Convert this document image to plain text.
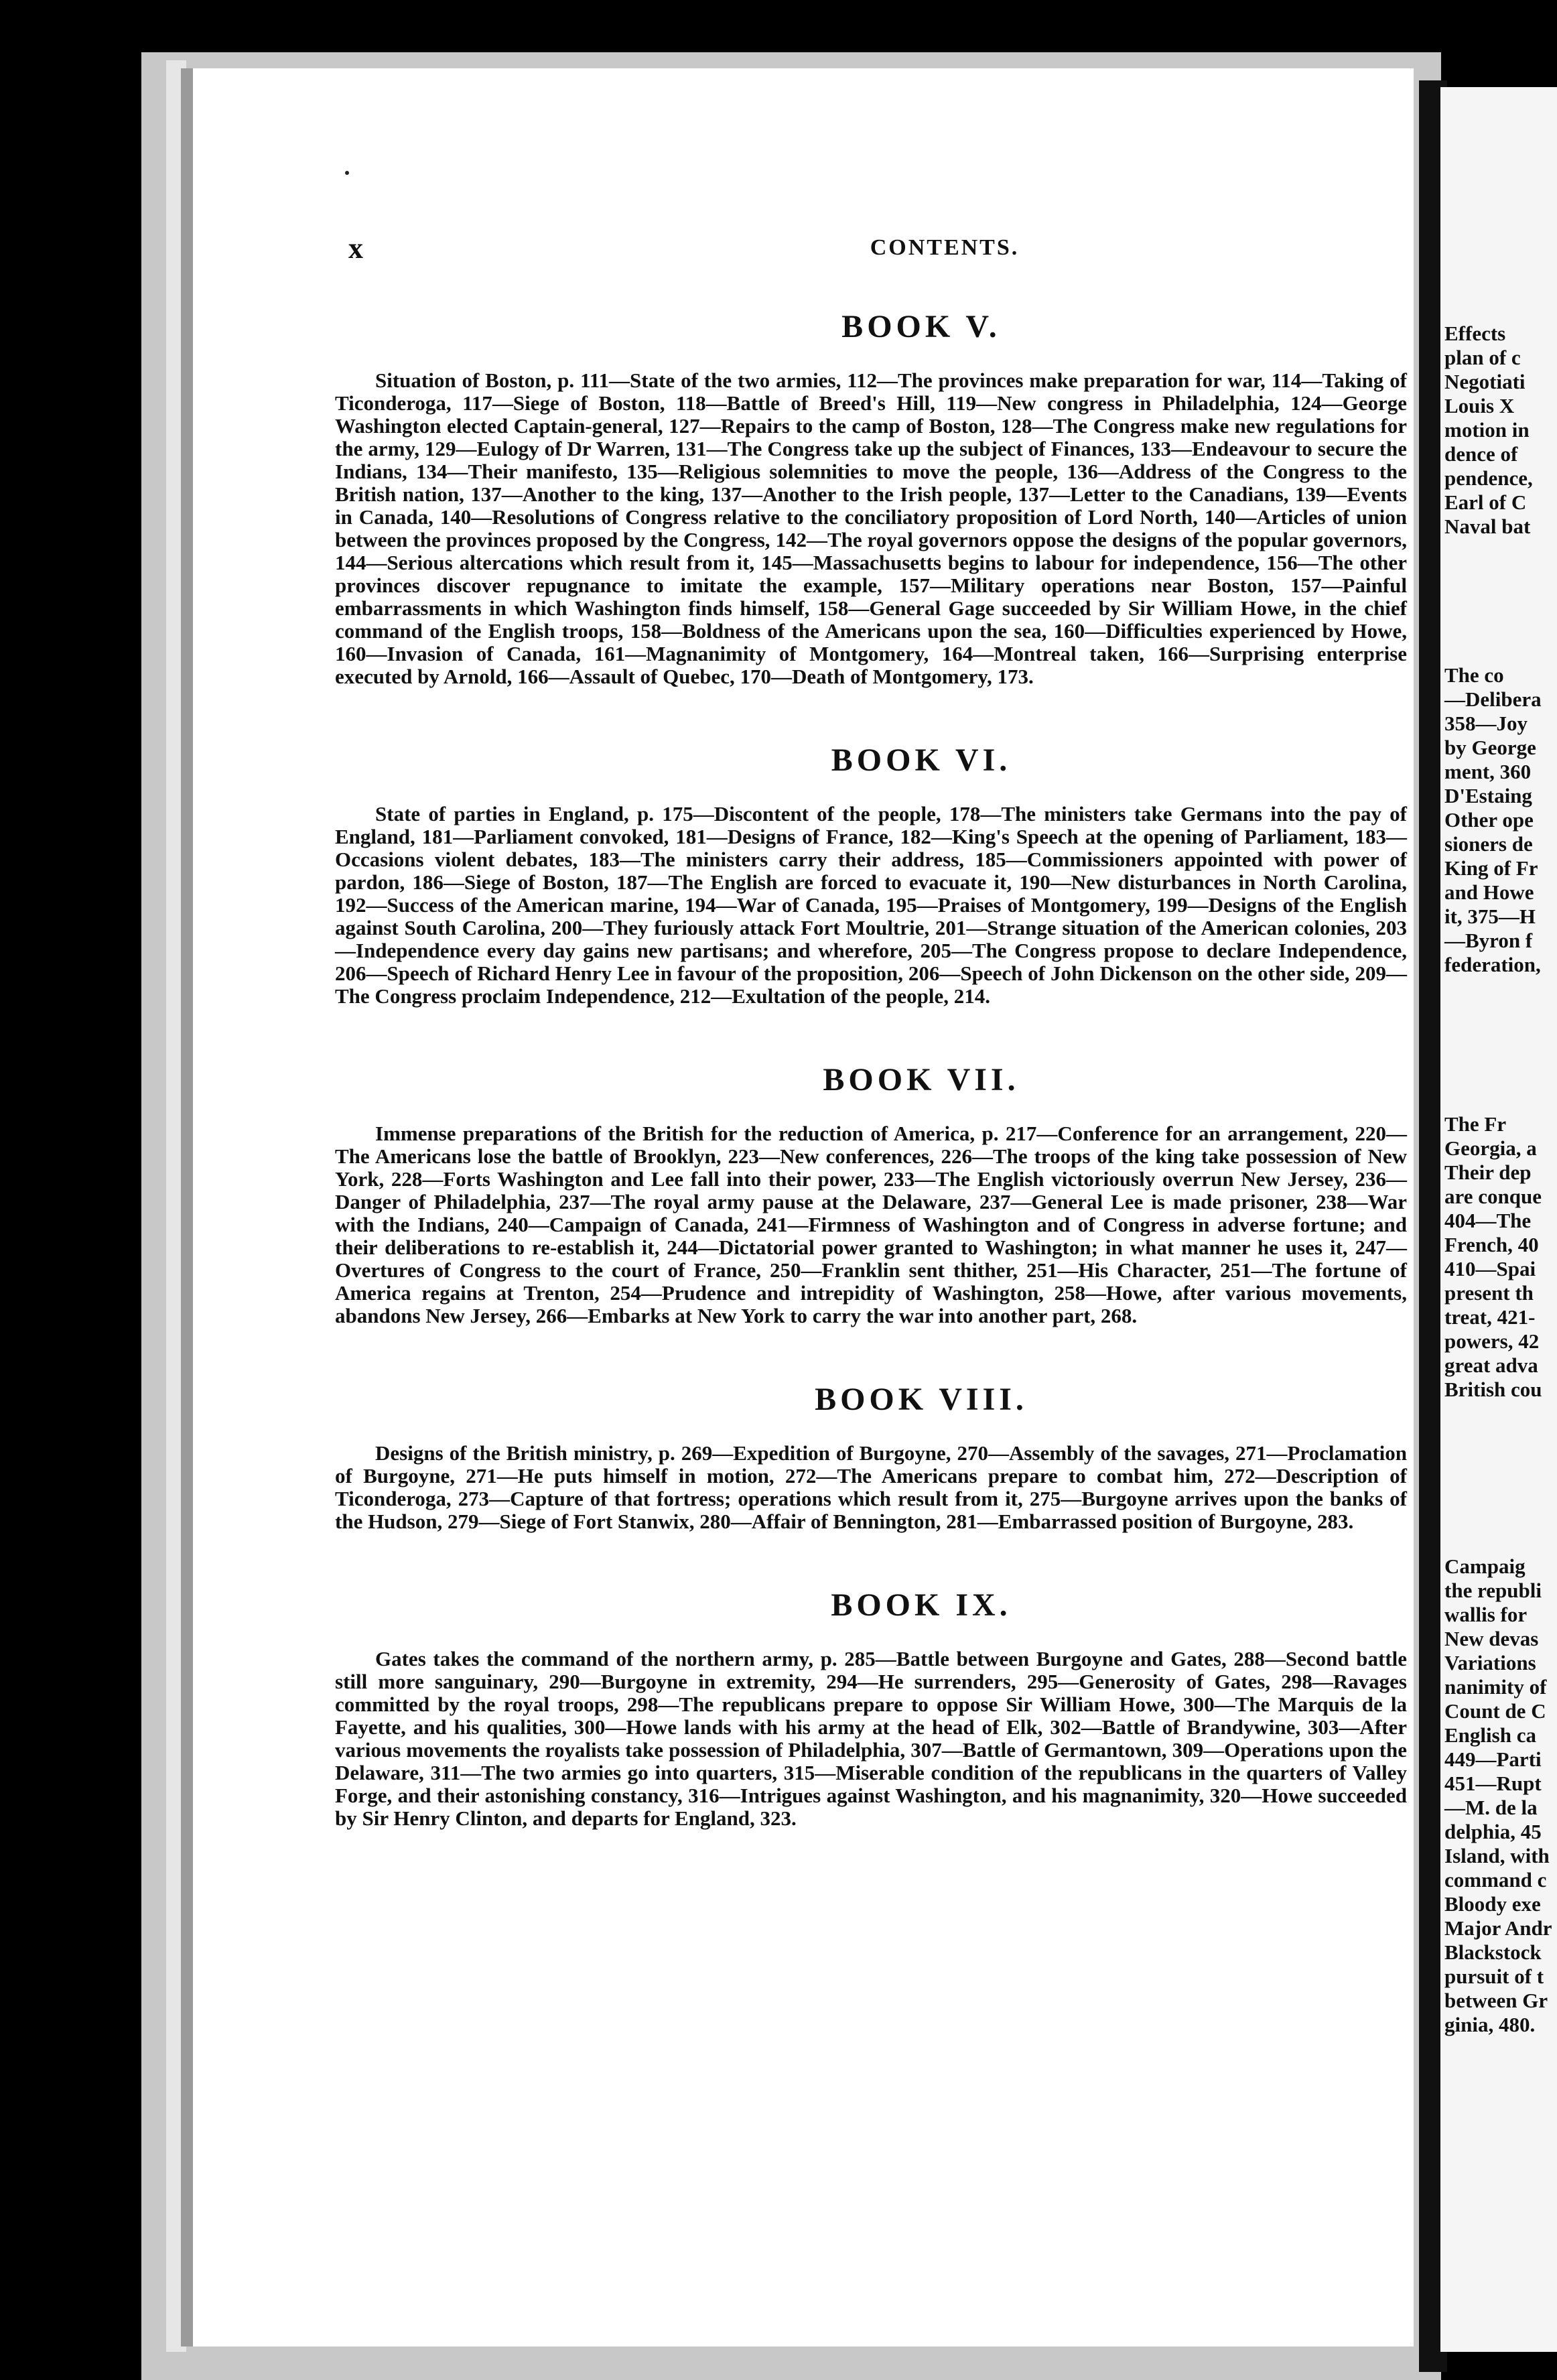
x	CONTENTS.
BOOK V.

Situation of Boston, p. 111—State of the two armies, 112—The provinces make preparation for war, 114—Taking of Ticonderoga, 117—Siege of Boston, 118—Battle of Breed's Hill, 119—New congress in Philadelphia, 124—George Washington elected Captain-general, 127—Repairs to the camp of Boston, 128—The Congress make new regulations for the army, 129—Eulogy of Dr Warren, 131—The Congress take up the subject of Finances, 133—Endeavour to secure the Indians, 134—Their manifesto, 135—Religious solemnities to move the people, 136—Address of the Congress to the British nation, 137—Another to the king, 137—Another to the Irish people, 137—Letter to the Canadians, 139—Events in Canada, 140—Resolutions of Congress relative to the conciliatory proposition of Lord North, 140—Articles of union between the provinces proposed by the Congress, 142—The royal governors oppose the designs of the popular governors, 144—Serious altercations which result from it, 145—Massachusetts begins to labour for independence, 156—The other provinces discover repugnance to imitate the example, 157—Military operations near Boston, 157—Painful embarrassments in which Washington finds himself, 158—General Gage succeeded by Sir William Howe, in the chief command of the English troops, 158—Boldness of the Americans upon the sea, 160—Difficulties experienced by Howe, 160—Invasion of Canada, 161—Magnanimity of Montgomery, 164—Montreal taken, 166—Surprising enterprise executed by Arnold, 166—Assault of Quebec, 170—Death of Montgomery, 173.

BOOK VI.

State of parties in England, p. 175—Discontent of the people, 178—The ministers take Germans into the pay of England, 181—Parliament convoked, 181—Designs of France, 182—King's Speech at the opening of Parliament, 183—Occasions violent debates, 183—The ministers carry their address, 185—Commissioners appointed with power of pardon, 186—Siege of Boston, 187—The English are forced to evacuate it, 190—New disturbances in North Carolina, 192—Success of the American marine, 194—War of Canada, 195—Praises of Montgomery, 199—Designs of the English against South Carolina, 200—They furiously attack Fort Moultrie, 201—Strange situation of the American colonies, 203—Independence every day gains new partisans; and wherefore, 205—The Congress propose to declare Independence, 206—Speech of Richard Henry Lee in favour of the proposition, 206—Speech of John Dickenson on the other side, 209—The Congress proclaim Independence, 212—Exultation of the people, 214.

BOOK VII.

Immense preparations of the British for the reduction of America, p. 217—Conference for an arrangement, 220—The Americans lose the battle of Brooklyn, 223—New conferences, 226—The troops of the king take possession of New York, 228—Forts Washington and Lee fall into their power, 233—The English victoriously overrun New Jersey, 236—Danger of Philadelphia, 237—The royal army pause at the Delaware, 237—General Lee is made prisoner, 238—War with the Indians, 240—Campaign of Canada, 241—Firmness of Washington and of Congress in adverse fortune; and their deliberations to re-establish it, 244—Dictatorial power granted to Washington; in what manner he uses it, 247—Overtures of Congress to the court of France, 250—Franklin sent thither, 251—His Character, 251—The fortune of America regains at Trenton, 254—Prudence and intrepidity of Washington, 258—Howe, after various movements, abandons New Jersey, 266—Embarks at New York to carry the war into another part, 268.

BOOK VIII.

Designs of the British ministry, p. 269—Expedition of Burgoyne, 270—Assembly of the savages, 271—Proclamation of Burgoyne, 271—He puts himself in motion, 272—The Americans prepare to combat him, 272—Description of Ticonderoga, 273—Capture of that fortress; operations which result from it, 275—Burgoyne arrives upon the banks of the Hudson, 279—Siege of Fort Stanwix, 280—Affair of Bennington, 281—Embarrassed position of Burgoyne, 283.

BOOK IX.

Gates takes the command of the northern army, p. 285—Battle between Burgoyne and Gates, 288—Second battle still more sanguinary, 290—Burgoyne in extremity, 294—He surrenders, 295—Generosity of Gates, 298—Ravages committed by the royal troops, 298—The republicans prepare to oppose Sir William Howe, 300—The Marquis de la Fayette, and his qualities, 300—Howe lands with his army at the head of Elk, 302—Battle of Brandywine, 303—After various movements the royalists take possession of Philadelphia, 307—Battle of Germantown, 309—Operations upon the Delaware, 311—The two armies go into quarters, 315—Miserable condition of the republicans in the quarters of Valley Forge, and their astonishing constancy, 316—Intrigues against Washington, and his magnanimity, 320—Howe succeeded by Sir Henry Clinton, and departs for England, 323.

Effects
plan of c
Negotiati
Louis X
motion in
dence of
pendence,
Earl of C
Naval bat
The co
—Delibera
358—Joy
by George
ment, 360
D'Estaing
Other ope
sioners de
King of Fr
and Howe
it, 375—H
—Byron f
federation,
The Fr
Georgia, a
Their dep
are conque
404—The
French, 40
410—Spai
present th
treat, 421-
powers, 42
great adva
British cou
Campaig
the republi
wallis for
New devas
Variations
nanimity of
Count de C
English ca
449—Parti
451—Rupt
—M. de la
delphia, 45
Island, with
command c
Bloody exe
Major Andr
Blackstock
pursuit of t
between Gr
ginia, 480.
